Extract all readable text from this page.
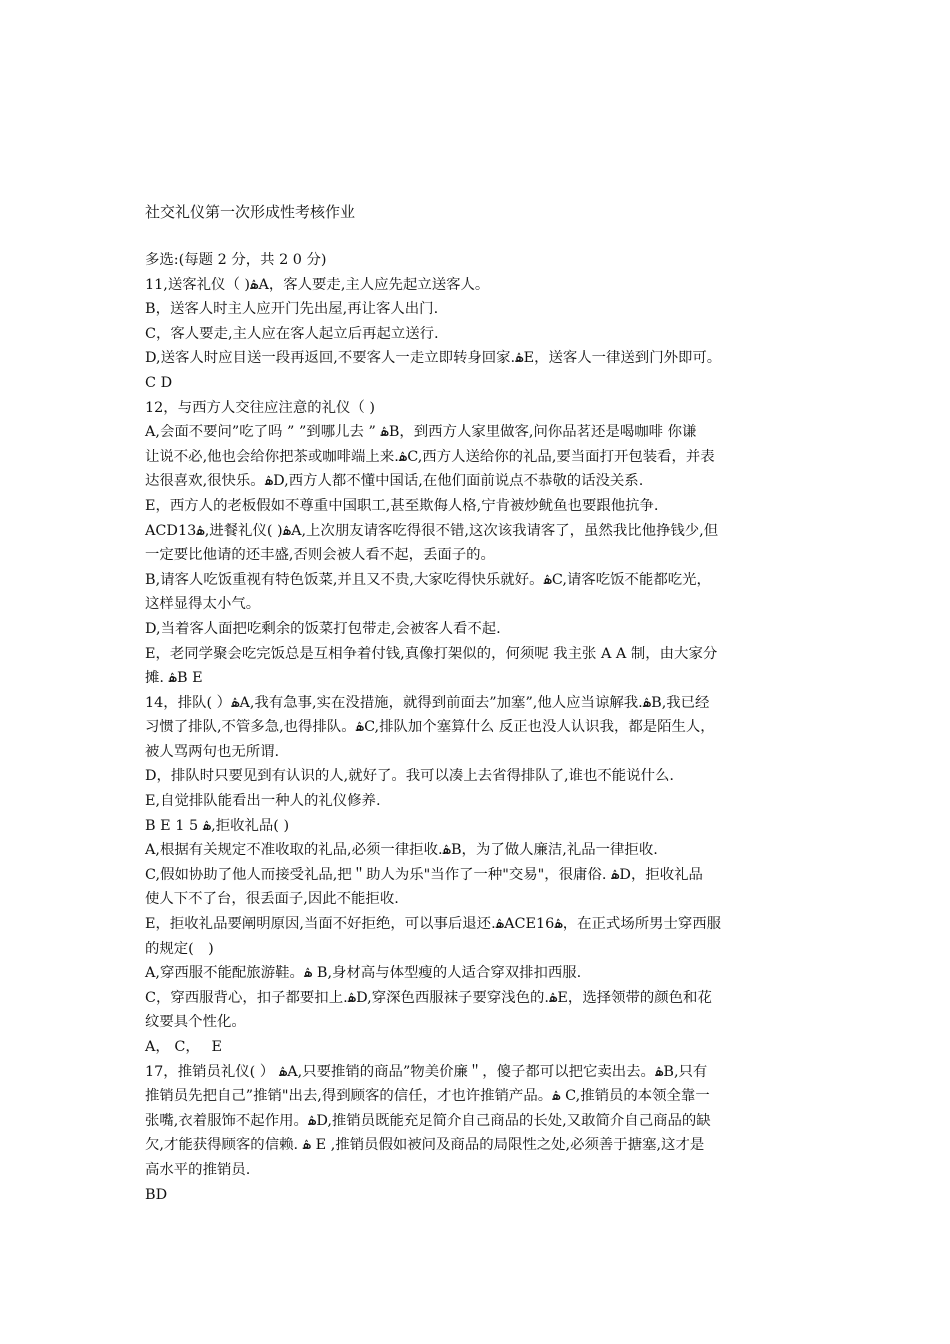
社交礼仪第一次形成性考核作业
多选:(每题 2 分，共 2 0 分)
11,送客礼仪（ )ۿA，客人要走,主人应先起立送客人。
B，送客人时主人应开门先出屋,再让客人出门.
C，客人要走,主人应在客人起立后再起立送行.
D,送客人时应目送一段再返回,不要客人一走立即转身回家.ۿE，送客人一律送到门外即可。
C D
12，与西方人交往应注意的礼仪（ )
A,会面不要问”吃了吗 ” ”到哪儿去 ” ۿB，到西方人家里做客,问你品茗还是喝咖啡 你谦
让说不必,他也会给你把茶或咖啡端上来.ۿC,西方人送给你的礼品,要当面打开包装看，并表
达很喜欢,很快乐。ۿD,西方人都不懂中国话,在他们面前说点不恭敬的话没关系.
E，西方人的老板假如不尊重中国职工,甚至欺侮人格,宁肯被炒鱿鱼也要跟他抗争.
ACD13ۿ,进餐礼仪( )ۿA,上次朋友请客吃得很不错,这次该我请客了，虽然我比他挣钱少,但
一定要比他请的还丰盛,否则会被人看不起，丢面子的。
B,请客人吃饭重视有特色饭菜,并且又不贵,大家吃得快乐就好。ۿC,请客吃饭不能都吃光，
这样显得太小气。
D,当着客人面把吃剩余的饭菜打包带走,会被客人看不起.
E，老同学聚会吃完饭总是互相争着付钱,真像打架似的，何须呢 我主张 A A 制，由大家分
摊. ۿB E
14，排队( ）ۿA,我有急事,实在没措施，就得到前面去”加塞”,他人应当谅解我.ۿB,我已经
习惯了排队,不管多急,也得排队。ۿC,排队加个塞算什么 反正也没人认识我，都是陌生人，
被人骂两句也无所谓.
D，排队时只要见到有认识的人,就好了。我可以凑上去省得排队了,谁也不能说什么.
E,自觉排队能看出一种人的礼仪修养.
B E 1 5 ۿ,拒收礼品( )
A,根据有关规定不准收取的礼品,必须一律拒收.ۿB，为了做人廉洁,礼品一律拒收.
C,假如协助了他人而接受礼品,把＂助人为乐"当作了一种"交易"，很庸俗. ۿD，拒收礼品
使人下不了台，很丢面子,因此不能拒收.
E，拒收礼品要阐明原因,当面不好拒绝，可以事后退还.ۿACE16ۿ，在正式场所男士穿西服
的规定(　)
A,穿西服不能配旅游鞋。ۿ B,身材高与体型瘦的人适合穿双排扣西服.
C，穿西服背心，扣子都要扣上.ۿD,穿深色西服袜子要穿浅色的.ۿE，选择领带的颜色和花
纹要具个性化。
A， C，　 E
17，推销员礼仪( ） ۿA,只要推销的商品”物美价廉＂，傻子都可以把它卖出去。ۿB,只有
推销员先把自己”推销"出去,得到顾客的信任，才也许推销产品。ۿ C,推销员的本领全靠一
张嘴,衣着服饰不起作用。ۿD,推销员既能充足简介自己商品的长处,又敢简介自己商品的缺
欠,才能获得顾客的信赖. ۿ E ,推销员假如被问及商品的局限性之处,必须善于搪塞,这才是
高水平的推销员.
BD
